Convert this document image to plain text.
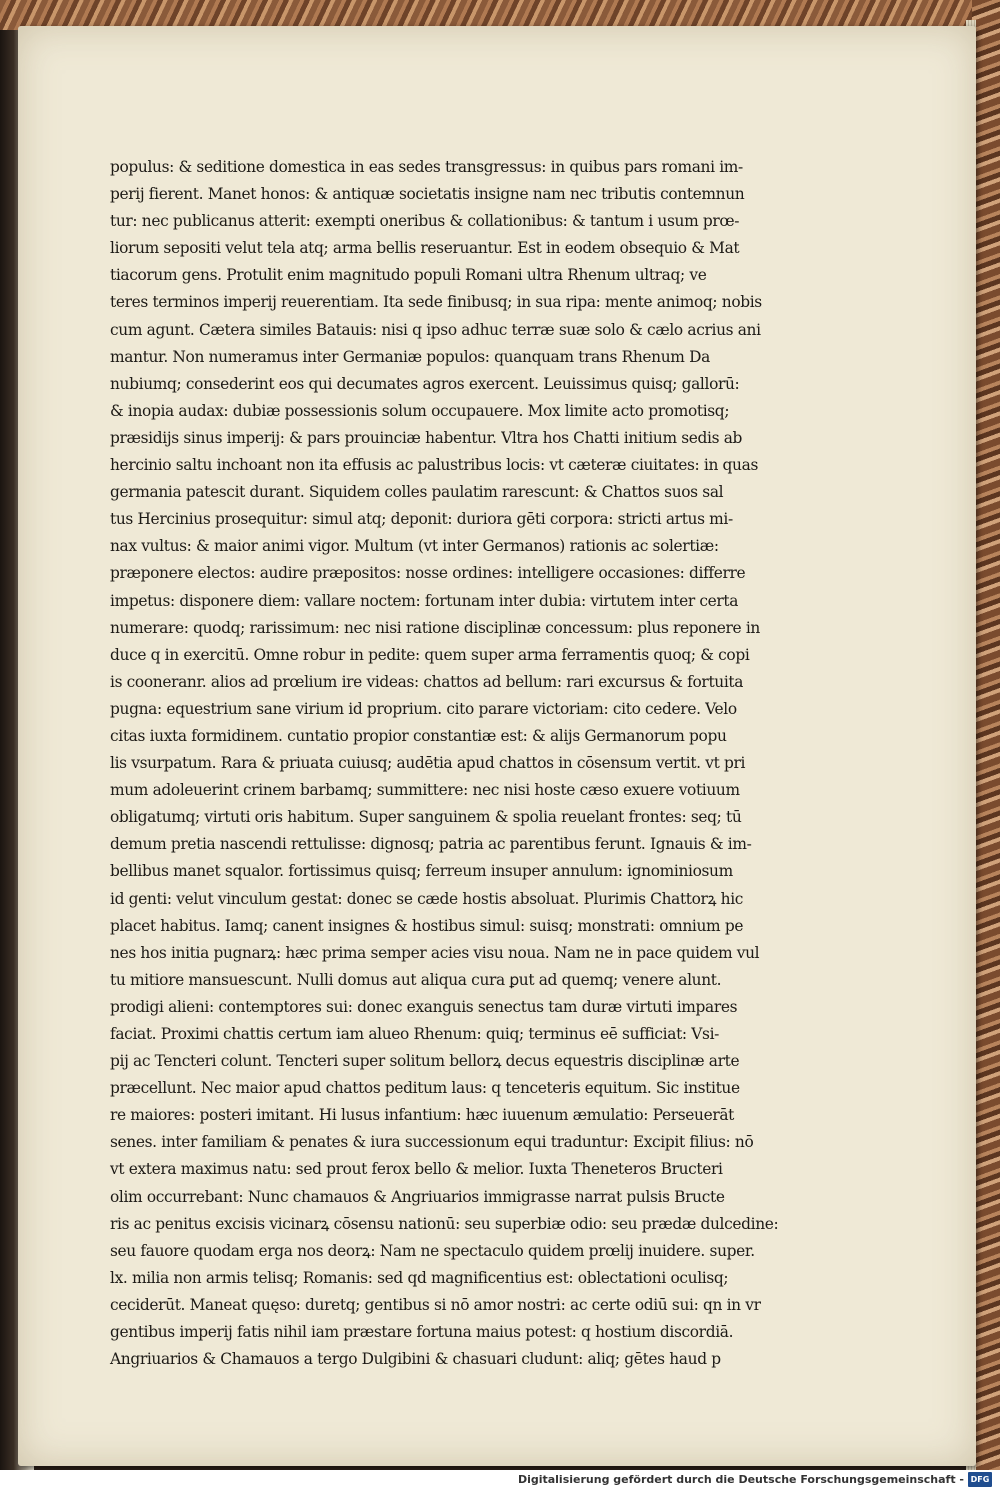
populus: & seditione domestica in eas sedes transgressus: in quibus pars romani im-
perij fierent. Manet honos: & antiquæ societatis insigne nam nec tributis contemnun
tur: nec publicanus atterit: exempti oneribus & collationibus: & tantum i usum prœ-
liorum sepositi velut tela atq; arma bellis reseruantur. Est in eodem obsequio & Mat
tiacorum gens. Protulit enim magnitudo populi Romani ultra Rhenum ultraq; ve
teres terminos imperij reuerentiam. Ita sede finibusq; in sua ripa: mente animoq; nobis
cum agunt. Cætera similes Batauis: nisi q ipso adhuc terræ suæ solo & cælo acrius ani
mantur. Non numeramus inter Germaniæ populos: quanquam trans Rhenum Da
nubiumq; consederint eos qui decumates agros exercent. Leuissimus quisq; gallorū:
& inopia audax: dubiæ possessionis solum occupauere. Mox limite acto promotisq;
præsidijs sinus imperij: & pars prouinciæ habentur. Vltra hos Chatti initium sedis ab
hercinio saltu inchoant non ita effusis ac palustribus locis: vt cæteræ ciuitates: in quas
germania patescit durant. Siquidem colles paulatim rarescunt: & Chattos suos sal
tus Hercinius prosequitur: simul atq; deponit: duriora gēti corpora: stricti artus mi-
nax vultus: & maior animi vigor. Multum (vt inter Germanos) rationis ac solertiæ:
præponere electos: audire præpositos: nosse ordines: intelligere occasiones: differre
impetus: disponere diem: vallare noctem: fortunam inter dubia: virtutem inter certa
numerare: quodq; rarissimum: nec nisi ratione disciplinæ concessum: plus reponere in
duce q in exercitū. Omne robur in pedite: quem super arma ferramentis quoq; & copi
is cooneranr. alios ad prœlium ire videas: chattos ad bellum: rari excursus & fortuita
pugna: equestrium sane virium id proprium. cito parare victoriam: cito cedere. Velo
citas iuxta formidinem. cuntatio propior constantiæ est: & alijs Germanorum popu
lis vsurpatum. Rara & priuata cuiusq; audētia apud chattos in cōsensum vertit. vt pri
mum adoleuerint crinem barbamq; summittere: nec nisi hoste cæso exuere votiuum
obligatumq; virtuti oris habitum. Super sanguinem & spolia reuelant frontes: seq; tū
demum pretia nascendi rettulisse: dignosq; patria ac parentibus ferunt. Ignauis & im-
bellibus manet squalor. fortissimus quisq; ferreum insuper annulum: ignominiosum
id genti: velut vinculum gestat: donec se cæde hostis absoluat. Plurimis Chattorꝝ hic
placet habitus. Iamq; canent insignes & hostibus simul: suisq; monstrati: omnium pe
nes hos initia pugnarꝝ: hæc prima semper acies visu noua. Nam ne in pace quidem vul
tu mitiore mansuescunt. Nulli domus aut aliqua cura ꝑut ad quemq; venere alunt.
prodigi alieni: contemptores sui: donec exanguis senectus tam duræ virtuti impares
faciat. Proximi chattis certum iam alueo Rhenum: quiq; terminus eē sufficiat: Vsi-
pij ac Tencteri colunt. Tencteri super solitum bellorꝝ decus equestris disciplinæ arte
præcellunt. Nec maior apud chattos peditum laus: q tenceteris equitum. Sic institue
re maiores: posteri imitant. Hi lusus infantium: hæc iuuenum æmulatio: Perseuerāt
senes. inter familiam & penates & iura successionum equi traduntur: Excipit filius: nō
vt extera maximus natu: sed prout ferox bello & melior. Iuxta Theneteros Bructeri
olim occurrebant: Nunc chamauos & Angriuarios immigrasse narrat pulsis Bructe
ris ac penitus excisis vicinarꝝ cōsensu nationū: seu superbiæ odio: seu prædæ dulcedine:
seu fauore quodam erga nos deorꝝ: Nam ne spectaculo quidem prœlij inuidere. super.
lx. milia non armis telisq; Romanis: sed qd magnificentius est: oblectationi oculisq;
ceciderūt. Maneat quęso: duretq; gentibus si nō amor nostri: ac certe odiū sui: qn in vr
gentibus imperij fatis nihil iam præstare fortuna maius potest: q hostium discordiā.
Angriuarios & Chamauos a tergo Dulgibini & chasuari cludunt: aliq; gētes haud p
Digitalisierung gefördert durch die Deutsche Forschungsgemeinschaft - DFG
